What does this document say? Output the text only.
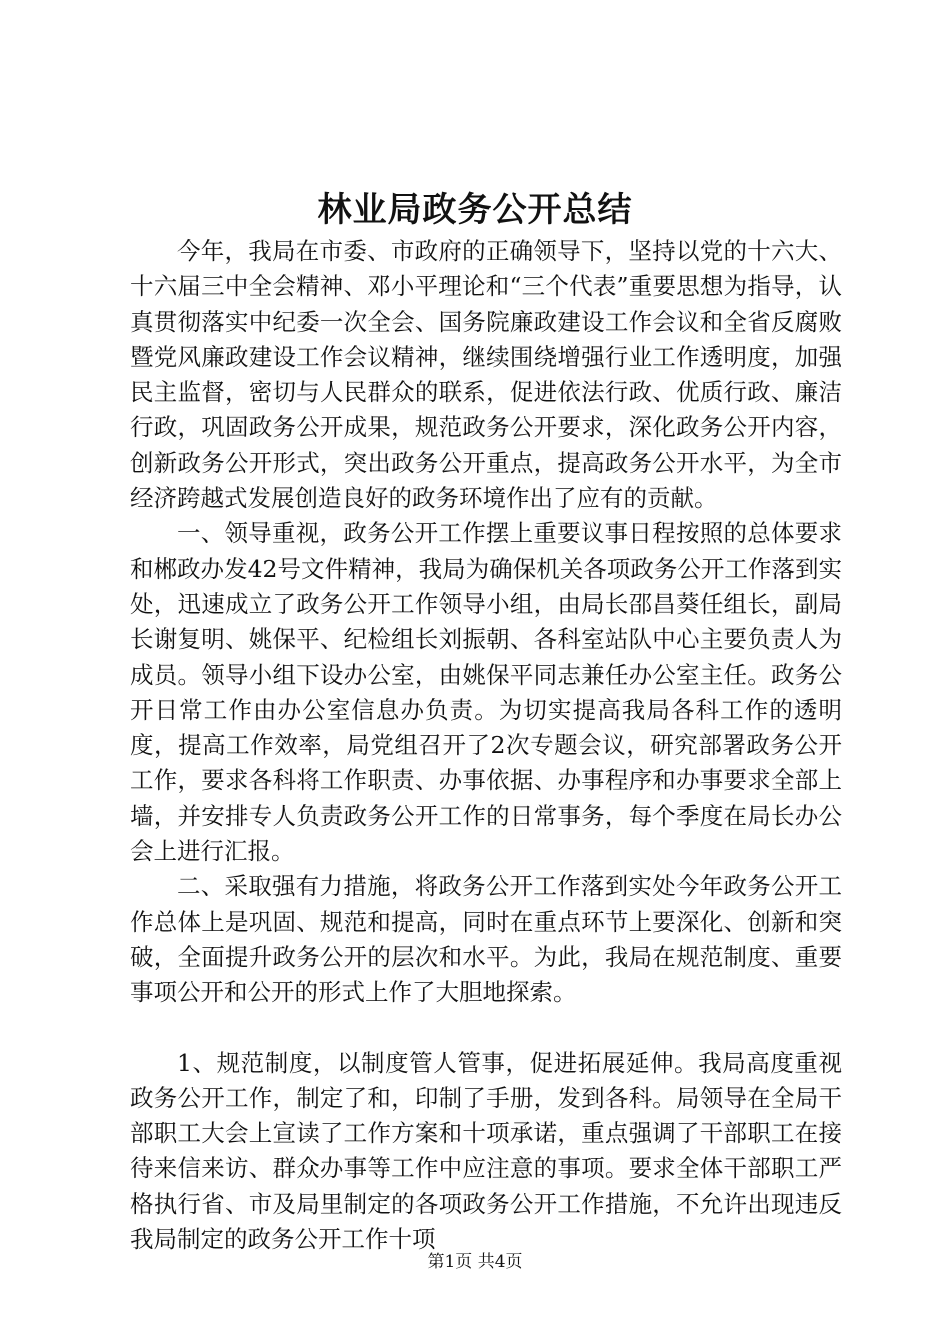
林业局政务公开总结

今年，我局在市委、市政府的正确领导下，坚持以党的十六大、十六届三中全会精神、邓小平理论和“三个代表”重要思想为指导，认真贯彻落实中纪委一次全会、国务院廉政建设工作会议和全省反腐败暨党风廉政建设工作会议精神，继续围绕增强行业工作透明度，加强民主监督，密切与人民群众的联系，促进依法行政、优质行政、廉洁行政，巩固政务公开成果，规范政务公开要求，深化政务公开内容，创新政务公开形式，突出政务公开重点，提高政务公开水平，为全市经济跨越式发展创造良好的政务环境作出了应有的贡献。

一、领导重视，政务公开工作摆上重要议事日程按照的总体要求和郴政办发42号文件精神，我局为确保机关各项政务公开工作落到实处，迅速成立了政务公开工作领导小组，由局长邵昌葵任组长，副局长谢复明、姚保平、纪检组长刘振朝、各科室站队中心主要负责人为成员。领导小组下设办公室，由姚保平同志兼任办公室主任。政务公开日常工作由办公室信息办负责。为切实提高我局各科工作的透明度，提高工作效率，局党组召开了2次专题会议，研究部署政务公开工作，要求各科将工作职责、办事依据、办事程序和办事要求全部上墙，并安排专人负责政务公开工作的日常事务，每个季度在局长办公会上进行汇报。

二、采取强有力措施，将政务公开工作落到实处今年政务公开工作总体上是巩固、规范和提高，同时在重点环节上要深化、创新和突破，全面提升政务公开的层次和水平。为此，我局在规范制度、重要事项公开和公开的形式上作了大胆地探索。

1、规范制度，以制度管人管事，促进拓展延伸。我局高度重视政务公开工作，制定了和，印制了手册，发到各科。局领导在全局干部职工大会上宣读了工作方案和十项承诺，重点强调了干部职工在接待来信来访、群众办事等工作中应注意的事项。要求全体干部职工严格执行省、市及局里制定的各项政务公开工作措施，不允许出现违反我局制定的政务公开工作十项

第1页 共4页
